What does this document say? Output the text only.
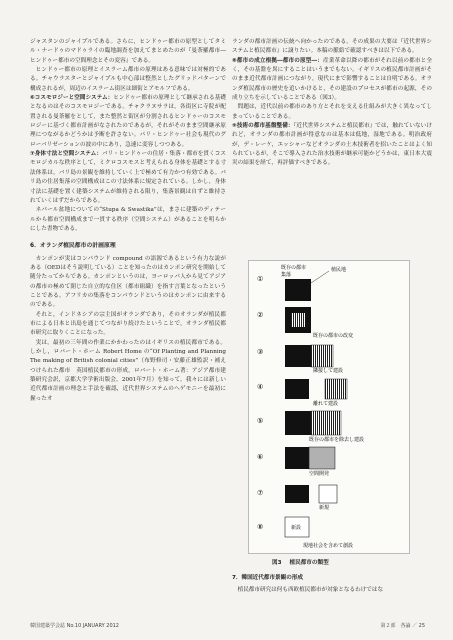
ジャスタンのジャイプルである。さらに，ヒンドゥー都市の原型としてタミル・ナードゥのマドゥライの臨地調査を加えてまとめたのが『曼荼羅都市―ヒンドゥー都市の空間理念とその変容』である。

ヒンドゥー都市の原理とイスラーム都市の原理はある意味では対極的である。チャウラスターとジャイプルも中心部は整然としたグリッドパターンで構成されるが，周辺のイスラーム街区は細街とアモルフである。

⑥コスモロジーと空間システム：ヒンドゥー都市の原理として継承される基礎となるのはそのコスモロジーである。チャクラヌサラは，各街区に寺院が配置される曼荼羅をとして，また整然と街区が分割されるヒンドゥーのコスモロジーに基づく都市計画がなされたのであるが，それがそのまま空間継承原理につながるかどうかは予断を許さない。パリ・ヒンドゥー社会も現代のグローバリゼーションの波の中にあり，急速に変容しつつある。

⑦身体寸法と空間システム：バリ・ヒンドゥーの住居・集落・都市を貫くコスモロジカルな秩序として，ミクロコスモスと考えられる身体を基礎とする寸法体系は，バリ島の景観を維持していく上で極めて有力かつ有効である。バリ島の住居集落の空間構成はこの寸法体系に規定されている。しかし，身体寸法に基礎を置く建築システムが維持される限り，集落景観は自ずと維持されていくはずだからである。

ネパール盆地についての“Stupa & Swastika”は，まさに建築のディテールから都市空間構成まで一貫する秩序（空間システム）があることを明らかにした書物である。

6．オランダ植民都市の計画原理

カンポンが実はコンパウンド compound の語源であるという有力な説がある（OEDはそう説明している）ことを知ったのはカンポン研究を開始して随分たってからである。カンポンというのは，ヨーロッパ人から見てアジアの都市の極めて閉じた自立的な住区（都市組織）を指す言葉となったということである。アフリカの集落をコンパウンドというのはカンポンに由来するのである。

それと，インドネシアの宗主国がオランダであり，そのオランダが植民都市による日本と出島を通じてつながり続けたということで，オランダ植民都市研究に取りくことになった。

実は，最初の三年間の作業にかかわったのはイギリスの植民都市である。しかし，ロバート・ホーム Robert Home の“Of Planting and Planning The making of British colonial cities”（布野修司・安藤正雄監訳・補えつけられた都市　英国植民都市の形成，ロバート・ホーム著：アジア都市建築研究会訳，京都大学学術出版会，2001年7月）を知って，我々には新しい近代都市計画の理念と手法を確認，近代世界システムのヘゲモニーを最初に握ったオ

ランダの都市計画の伝統へ向かったのである。その成果の大要は『近代世界システムと植民都市』に譲りたい。本稿の脈絡で確認すべきは以下である。

⑧都市の成立根拠―都市の原型―：産業革命以降の都市がそれ以前の都市と全く，その基盤を異にすることはいうまでもない。イギリスの植民都市計画がそのまま近代都市計画につながり，現代にまで影響することは自明である。オランダ植民都市の歴史を追いかけると，その建設のプロセスが都市の起源，その成り立ちを示していることである（図3）。

問題は，近代以前の都市のあり方とそれを支える仕組みが大きく異なってしまっていることである。

⑨技術の都市基盤整備：『近代世界システムと植民都市』では，触れていないけれど，オランダの都市計画が得意なのは基本は低地，湿地である。明治政府が，デ・レーケ，エッシャーなどオランダの土木技術者を招いたことはよく知られているが，そこで導入された治水技術が継承可能かどうかは，東日本大震災の結果を経て，再評価すべきである。

①
既存の都市
集落
植民地
②
既存の都市の改変
③
隣接して建設
④
離れて建設
⑤
既存の都市を除去し建設
⑥
空間開発
⑦
新規
⑧	新設
現地社会を含めて創設
図3 植民都市の類型

7．韓国近代都市景観の形成

植民都市研究は何も西欧植民都市が対象となるわけではな

韓国建築学会誌 No.10 JANUARY 2012	第２部　各論 ／ 25
